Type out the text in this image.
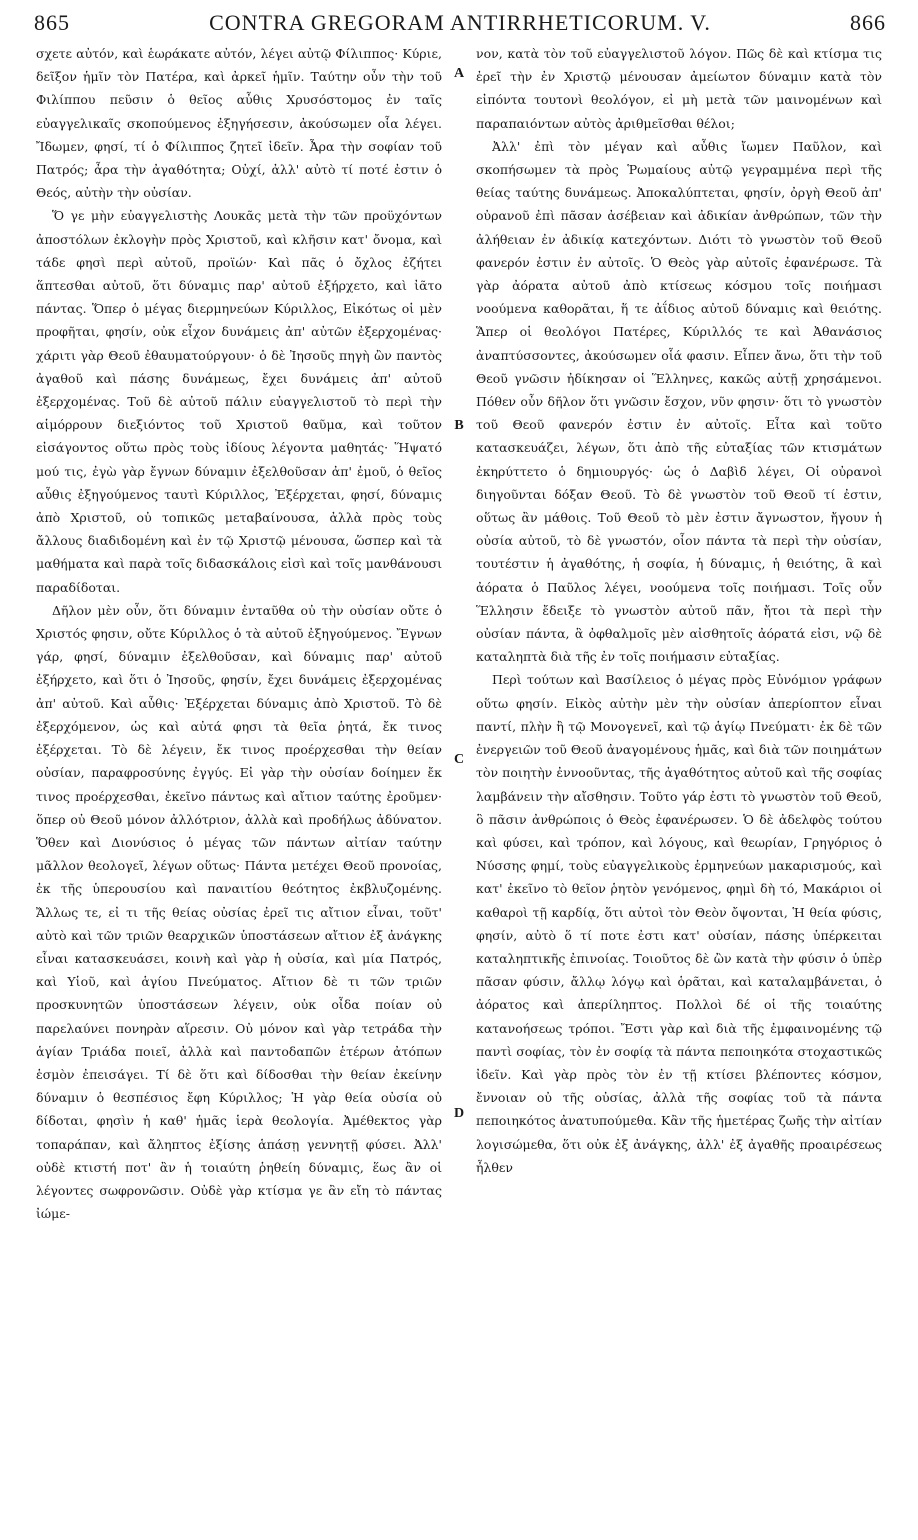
865	CONTRA GREGORAM ANTIRRHETICORUM. V.	866

σχετε αὐτόν, καὶ ἑωράκατε αὐτόν, λέγει αὐτῷ Φίλιππος· Κύριε, δεῖξον ἡμῖν τὸν Πατέρα, καὶ ἀρκεῖ ἡμῖν. Ταύτην οὖν τὴν τοῦ Φιλίππου πεῦσιν ὁ θεῖος αὖθις Χρυσόστομος ἐν ταῖς εὐαγγελικαῖς σκοπούμενος ἐξηγήσεσιν, ἀκούσωμεν οἷα λέγει. Ἴδωμεν, φησί, τί ὁ Φίλιππος ζητεῖ ἰδεῖν. Ἆρα τὴν σοφίαν τοῦ Πατρός; ἆρα τὴν ἀγαθότητα; Οὐχί, ἀλλ' αὐτὸ τί ποτέ ἐστιν ὁ Θεός, αὐτὴν τὴν οὐσίαν.

Ὅ γε μὴν εὐαγγελιστὴς Λουκᾶς μετὰ τὴν τῶν προϋχόντων ἀποστόλων ἐκλογὴν πρὸς Χριστοῦ, καὶ κλῆσιν κατ' ὄνομα, καὶ τάδε φησὶ περὶ αὐτοῦ, προϊών· Καὶ πᾶς ὁ ὄχλος ἐζήτει ἅπτεσθαι αὐτοῦ, ὅτι δύναμις παρ' αὐτοῦ ἐξήρχετο, καὶ ἰᾶτο πάντας. Ὅπερ ὁ μέγας διερμηνεύων Κύριλλος, Εἰκότως οἱ μὲν προφῆται, φησίν, οὐκ εἶχον δυνάμεις ἀπ' αὐτῶν ἐξερχομένας· χάριτι γὰρ Θεοῦ ἐθαυματούργουν· ὁ δὲ Ἰησοῦς πηγὴ ὢν παντὸς ἀγαθοῦ καὶ πάσης δυνάμεως, ἔχει δυνάμεις ἀπ' αὐτοῦ ἐξερχομένας. Τοῦ δὲ αὐτοῦ πάλιν εὐαγγελιστοῦ τὸ περὶ τὴν αἱμόρρουν διεξιόντος τοῦ Χριστοῦ θαῦμα, καὶ τοῦτον εἰσάγοντος οὕτω πρὸς τοὺς ἰδίους λέγοντα μαθητάς· Ἥψατό μού τις, ἐγὼ γὰρ ἔγνων δύναμιν ἐξελθοῦσαν ἀπ' ἐμοῦ, ὁ θεῖος αὖθις ἐξηγούμενος ταυτὶ Κύριλλος, Ἐξέρχεται, φησί, δύναμις ἀπὸ Χριστοῦ, οὐ τοπικῶς μεταβαίνουσα, ἀλλὰ πρὸς τοὺς ἄλλους διαδιδομένη καὶ ἐν τῷ Χριστῷ μένουσα, ὥσπερ καὶ τὰ μαθήματα καὶ παρὰ τοῖς διδασκάλοις εἰσὶ καὶ τοῖς μανθάνουσι παραδίδοται.

Δῆλον μὲν οὖν, ὅτι δύναμιν ἐνταῦθα οὐ τὴν οὐσίαν οὔτε ὁ Χριστός φησιν, οὔτε Κύριλλος ὁ τὰ αὐτοῦ ἐξηγούμενος. Ἔγνων γάρ, φησί, δύναμιν ἐξελθοῦσαν, καὶ δύναμις παρ' αὐτοῦ ἐξήρχετο, καὶ ὅτι ὁ Ἰησοῦς, φησίν, ἔχει δυνάμεις ἐξερχομένας ἀπ' αὐτοῦ. Καὶ αὖθις· Ἐξέρχεται δύναμις ἀπὸ Χριστοῦ. Τὸ δὲ ἐξερχόμενον, ὡς καὶ αὐτά φησι τὰ θεῖα ῥητά, ἔκ τινος ἐξέρχεται. Τὸ δὲ λέγειν, ἔκ τινος προέρχεσθαι τὴν θείαν οὐσίαν, παραφροσύνης ἐγγύς. Εἰ γὰρ τὴν οὐσίαν δοίημεν ἔκ τινος προέρχεσθαι, ἐκεῖνο πάντως καὶ αἴτιον ταύτης ἐροῦμεν· ὅπερ οὐ Θεοῦ μόνον ἀλλότριον, ἀλλὰ καὶ προδήλως ἀδύνατον. Ὅθεν καὶ Διονύσιος ὁ μέγας τῶν πάντων αἰτίαν ταύτην μᾶλλον θεολογεῖ, λέγων οὕτως· Πάντα μετέχει Θεοῦ προνοίας, ἐκ τῆς ὑπερουσίου καὶ παναιτίου θεότητος ἐκβλυζομένης. Ἄλλως τε, εἰ τι τῆς θείας οὐσίας ἐρεῖ τις αἴτιον εἶναι, τοῦτ' αὐτὸ καὶ τῶν τριῶν θεαρχικῶν ὑποστάσεων αἴτιον ἐξ ἀνάγκης εἶναι κατασκευάσει, κοινὴ καὶ γὰρ ἡ οὐσία, καὶ μία Πατρός, καὶ Υἱοῦ, καὶ ἁγίου Πνεύματος. Αἴτιον δὲ τι τῶν τριῶν προσκυνητῶν ὑποστάσεων λέγειν, οὐκ οἶδα ποίαν οὐ παρελαύνει πονηρὰν αἵρεσιν. Οὐ μόνον καὶ γὰρ τετράδα τὴν ἁγίαν Τριάδα ποιεῖ, ἀλλὰ καὶ παντοδαπῶν ἑτέρων ἀτόπων ἑσμὸν ἐπεισάγει. Τί δὲ ὅτι καὶ δίδοσθαι τὴν θείαν ἐκείνην δύναμιν ὁ θεσπέσιος ἔφη Κύριλλος; Ἡ γὰρ θεία οὐσία οὐ δίδοται, φησὶν ἡ καθ' ἡμᾶς ἱερὰ θεολογία. Ἀμέθεκτος γὰρ τοπαράπαν, καὶ ἄληπτος ἐξίσης ἁπάσῃ γεννητῇ φύσει. Ἀλλ' οὐδὲ κτιστή ποτ' ἂν ἡ τοιαύτη ῥηθείη δύναμις, ἕως ἂν οἱ λέγοντες σωφρονῶσιν. Οὐδὲ γὰρ κτίσμα γε ἂν εἴη τὸ πάντας ἰώμε-

A
B
C
D

νον, κατὰ τὸν τοῦ εὐαγγελιστοῦ λόγον. Πῶς δὲ καὶ κτίσμα τις ἐρεῖ τὴν ἐν Χριστῷ μένουσαν ἀμείωτον δύναμιν κατὰ τὸν εἰπόντα τουτονὶ θεολόγον, εἰ μὴ μετὰ τῶν μαινομένων καὶ παραπαιόντων αὐτὸς ἀριθμεῖσθαι θέλοι;

Ἀλλ' ἐπὶ τὸν μέγαν καὶ αὖθις ἴωμεν Παῦλον, καὶ σκοπήσωμεν τὰ πρὸς Ῥωμαίους αὐτῷ γεγραμμένα περὶ τῆς θείας ταύτης δυνάμεως. Ἀποκαλύπτεται, φησίν, ὀργὴ Θεοῦ ἀπ' οὐρανοῦ ἐπὶ πᾶσαν ἀσέβειαν καὶ ἀδικίαν ἀνθρώπων, τῶν τὴν ἀλήθειαν ἐν ἀδικίᾳ κατεχόντων. Διότι τὸ γνωστὸν τοῦ Θεοῦ φανερόν ἐστιν ἐν αὐτοῖς. Ὁ Θεὸς γὰρ αὐτοῖς ἐφανέρωσε. Τὰ γὰρ ἀόρατα αὐτοῦ ἀπὸ κτίσεως κόσμου τοῖς ποιήμασι νοούμενα καθορᾶται, ἥ τε ἀΐδιος αὐτοῦ δύναμις καὶ θειότης. Ἅπερ οἱ θεολόγοι Πατέρες, Κύριλλός τε καὶ Ἀθανάσιος ἀναπτύσσοντες, ἀκούσωμεν οἷά φασιν. Εἶπεν ἄνω, ὅτι τὴν τοῦ Θεοῦ γνῶσιν ἠδίκησαν οἱ Ἕλληνες, κακῶς αὐτῇ χρησάμενοι. Πόθεν οὖν δῆλον ὅτι γνῶσιν ἔσχον, νῦν φησιν· ὅτι τὸ γνωστὸν τοῦ Θεοῦ φανερόν ἐστιν ἐν αὐτοῖς. Εἶτα καὶ τοῦτο κατασκευάζει, λέγων, ὅτι ἀπὸ τῆς εὐταξίας τῶν κτισμάτων ἐκηρύττετο ὁ δημιουργός· ὡς ὁ Δαβὶδ λέγει, Οἱ οὐρανοὶ διηγοῦνται δόξαν Θεοῦ. Τὸ δὲ γνωστὸν τοῦ Θεοῦ τί ἐστιν, οὕτως ἂν μάθοις. Τοῦ Θεοῦ τὸ μὲν ἐστιν ἄγνωστον, ἤγουν ἡ οὐσία αὐτοῦ, τὸ δὲ γνωστόν, οἷον πάντα τὰ περὶ τὴν οὐσίαν, τουτέστιν ἡ ἀγαθότης, ἡ σοφία, ἡ δύναμις, ἡ θειότης, ἃ καὶ ἀόρατα ὁ Παῦλος λέγει, νοούμενα τοῖς ποιήμασι. Τοῖς οὖν Ἕλλησιν ἔδειξε τὸ γνωστὸν αὐτοῦ πᾶν, ἤτοι τὰ περὶ τὴν οὐσίαν πάντα, ἃ ὀφθαλμοῖς μὲν αἰσθητοῖς ἀόρατά εἰσι, νῷ δὲ καταληπτὰ διὰ τῆς ἐν τοῖς ποιήμασιν εὐταξίας.

Περὶ τούτων καὶ Βασίλειος ὁ μέγας πρὸς Εὐνόμιον γράφων οὕτω φησίν. Εἰκὸς αὐτὴν μὲν τὴν οὐσίαν ἀπερίοπτον εἶναι παντί, πλὴν ἢ τῷ Μονογενεῖ, καὶ τῷ ἁγίῳ Πνεύματι· ἐκ δὲ τῶν ἐνεργειῶν τοῦ Θεοῦ ἀναγομένους ἡμᾶς, καὶ διὰ τῶν ποιημάτων τὸν ποιητὴν ἐννοοῦντας, τῆς ἀγαθότητος αὐτοῦ καὶ τῆς σοφίας λαμβάνειν τὴν αἴσθησιν. Τοῦτο γάρ ἐστι τὸ γνωστὸν τοῦ Θεοῦ, ὃ πᾶσιν ἀνθρώποις ὁ Θεὸς ἐφανέρωσεν. Ὁ δὲ ἀδελφὸς τούτου καὶ φύσει, καὶ τρόπον, καὶ λόγους, καὶ θεωρίαν, Γρηγόριος ὁ Νύσσης φημί, τοὺς εὐαγγελικοὺς ἑρμηνεύων μακαρισμούς, καὶ κατ' ἐκεῖνο τὸ θεῖον ῥητὸν γενόμενος, φημὶ δὴ τό, Μακάριοι οἱ καθαροὶ τῇ καρδίᾳ, ὅτι αὐτοὶ τὸν Θεὸν ὄψονται, Ἡ θεία φύσις, φησίν, αὐτὸ ὅ τί ποτε ἐστι κατ' οὐσίαν, πάσης ὑπέρκειται καταληπτικῆς ἐπινοίας. Τοιοῦτος δὲ ὢν κατὰ τὴν φύσιν ὁ ὑπὲρ πᾶσαν φύσιν, ἄλλῳ λόγῳ καὶ ὁρᾶται, καὶ καταλαμβάνεται, ὁ ἀόρατος καὶ ἀπερίληπτος. Πολλοὶ δέ οἱ τῆς τοιαύτης κατανοήσεως τρόποι. Ἔστι γὰρ καὶ διὰ τῆς ἐμφαινομένης τῷ παντὶ σοφίας, τὸν ἐν σοφίᾳ τὰ πάντα πεποιηκότα στοχαστικῶς ἰδεῖν. Καὶ γὰρ πρὸς τὸν ἐν τῇ κτίσει βλέποντες κόσμον, ἔννοιαν οὐ τῆς οὐσίας, ἀλλὰ τῆς σοφίας τοῦ τὰ πάντα πεποιηκότος ἀνατυπούμεθα. Κἂν τῆς ἡμετέρας ζωῆς τὴν αἰτίαν λογισώμεθα, ὅτι οὐκ ἐξ ἀνάγκης, ἀλλ' ἐξ ἀγαθῆς προαιρέσεως ἦλθεν
